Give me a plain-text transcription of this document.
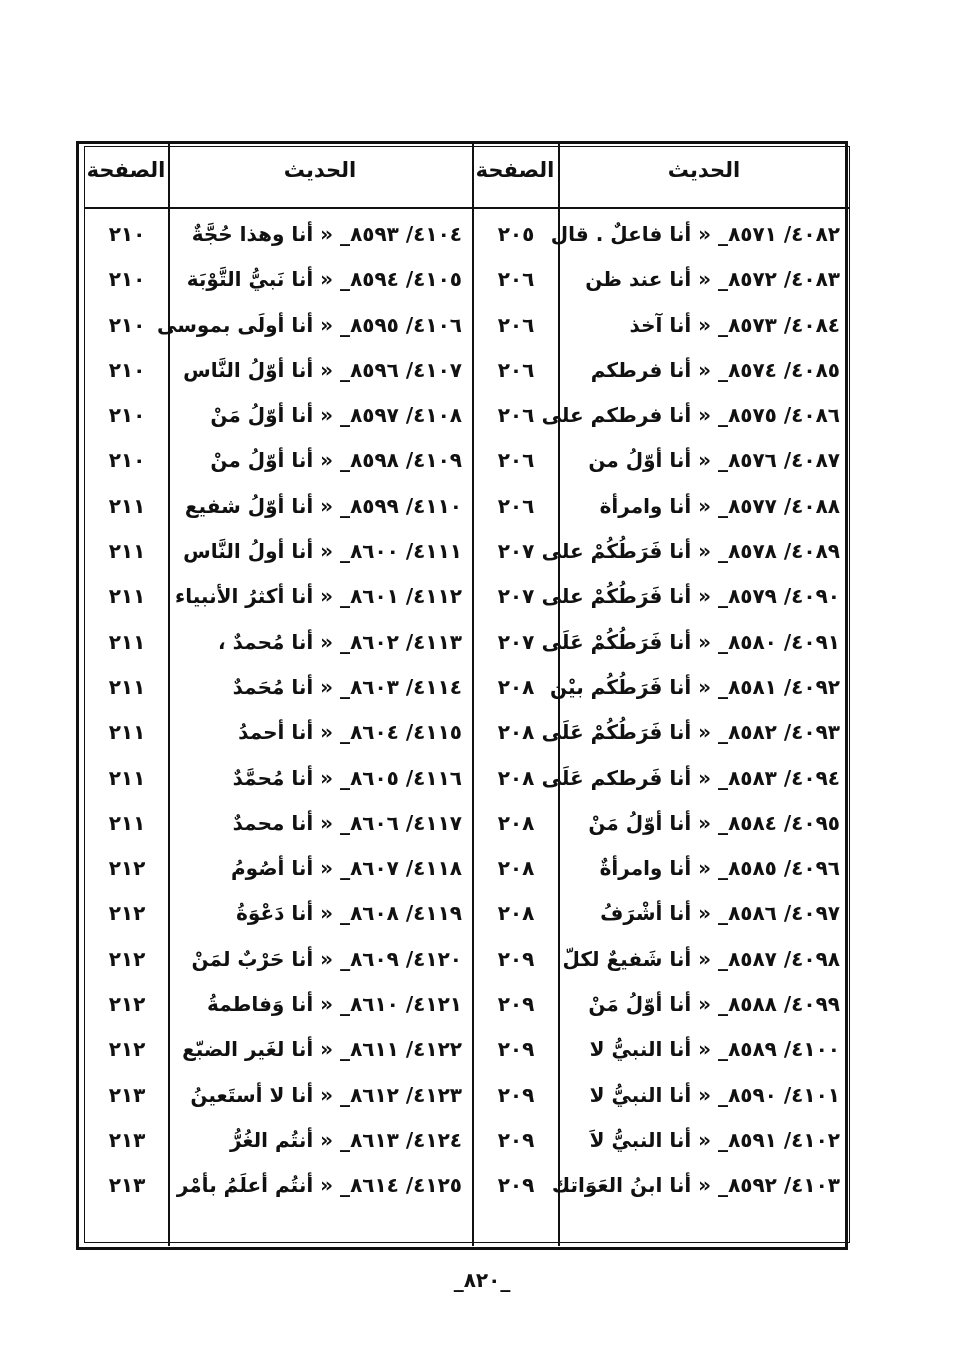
الحديث
الصفحة
الحديث
الصفحة
٤٠٨٢/ ٨٥٧١_ « أنا فاعلٌ . قال
٤٠٨٣/ ٨٥٧٢_ « أنا عند ظن
٤٠٨٤/ ٨٥٧٣_ « أنا آخذ
٤٠٨٥/ ٨٥٧٤_ « أنا فرطكم
٤٠٨٦/ ٨٥٧٥_ « أنا فرطكم على
٤٠٨٧/ ٨٥٧٦_ « أنا أوّلُ من
٤٠٨٨/ ٨٥٧٧_ « أنا وامرأة
٤٠٨٩/ ٨٥٧٨_ « أنا فَرَطُكُمْ على
٤٠٩٠/ ٨٥٧٩_ « أنا فَرَطُكُمْ على
٤٠٩١/ ٨٥٨٠_ « أنا فَرَطُكُمْ عَلَى
٤٠٩٢/ ٨٥٨١_ « أنا فَرَطُكُم بيْن
٤٠٩٣/ ٨٥٨٢_ « أنا فَرَطُكُمْ عَلَى
٤٠٩٤/ ٨٥٨٣_ « أنا فَرطكم عَلَى
٤٠٩٥/ ٨٥٨٤_ « أنا أوّلُ مَنْ
٤٠٩٦/ ٨٥٨٥_ « أنا وامرأةٌ
٤٠٩٧/ ٨٥٨٦_ « أنا أشْرَفُ
٤٠٩٨/ ٨٥٨٧_ « أنا شَفيعٌ لكلّ
٤٠٩٩/ ٨٥٨٨_ « أنا أوّلُ مَنْ
٤١٠٠/ ٨٥٨٩_ « أنا النبيُّ لا
٤١٠١/ ٨٥٩٠_ « أنا النبيُّ لا
٤١٠٢/ ٨٥٩١_ « أنا النبيُّ لاَ
٤١٠٣/ ٨٥٩٢_ « أنا ابنُ العَوَاتك
٢٠٥
٢٠٦
٢٠٦
٢٠٦
٢٠٦
٢٠٦
٢٠٦
٢٠٧
٢٠٧
٢٠٧
٢٠٨
٢٠٨
٢٠٨
٢٠٨
٢٠٨
٢٠٨
٢٠٩
٢٠٩
٢٠٩
٢٠٩
٢٠٩
٢٠٩
٤١٠٤/ ٨٥٩٣_ « أنا وهذا حُجَّةٌ
٤١٠٥/ ٨٥٩٤_ « أنا نَبيُّ التَّوْبَة
٤١٠٦/ ٨٥٩٥_ « أنا أولَى بموسى
٤١٠٧/ ٨٥٩٦_ « أنا أوّلُ النَّاس
٤١٠٨/ ٨٥٩٧_ « أنا أوّلُ مَنْ
٤١٠٩/ ٨٥٩٨_ « أنا أوّلُ منْ
٤١١٠/ ٨٥٩٩_ « أنا أوّلُ شفيع
٤١١١/ ٨٦٠٠_ « أنا أولُ النَّاس
٤١١٢/ ٨٦٠١_ « أنا أكثرُ الأنبياء
٤١١٣/ ٨٦٠٢_ « أنا مُحمدٌ ،
٤١١٤/ ٨٦٠٣_ « أنا مُحَمدٌ
٤١١٥/ ٨٦٠٤_ « أنا أحمدُ
٤١١٦/ ٨٦٠٥_ « أنا مُحمَّدٌ
٤١١٧/ ٨٦٠٦_ « أنا محمدٌ
٤١١٨/ ٨٦٠٧_ « أنا أصُومُ
٤١١٩/ ٨٦٠٨_ « أنا دَعْوَةُ
٤١٢٠/ ٨٦٠٩_ « أنا حَرْبٌ لمَنْ
٤١٢١/ ٨٦١٠_ « أنا وَفاطمةُ
٤١٢٢/ ٨٦١١_ « أنا لغَير الضبّع
٤١٢٣/ ٨٦١٢_ « أنا لا أستَعينُ
٤١٢٤/ ٨٦١٣_ « أنتُم الغُرُّ
٤١٢٥/ ٨٦١٤_ « أنتُم أعلَمُ بأمْر
٢١٠
٢١٠
٢١٠
٢١٠
٢١٠
٢١٠
٢١١
٢١١
٢١١
٢١١
٢١١
٢١١
٢١١
٢١١
٢١٢
٢١٢
٢١٢
٢١٢
٢١٢
٢١٣
٢١٣
٢١٣
_٨٢٠_
